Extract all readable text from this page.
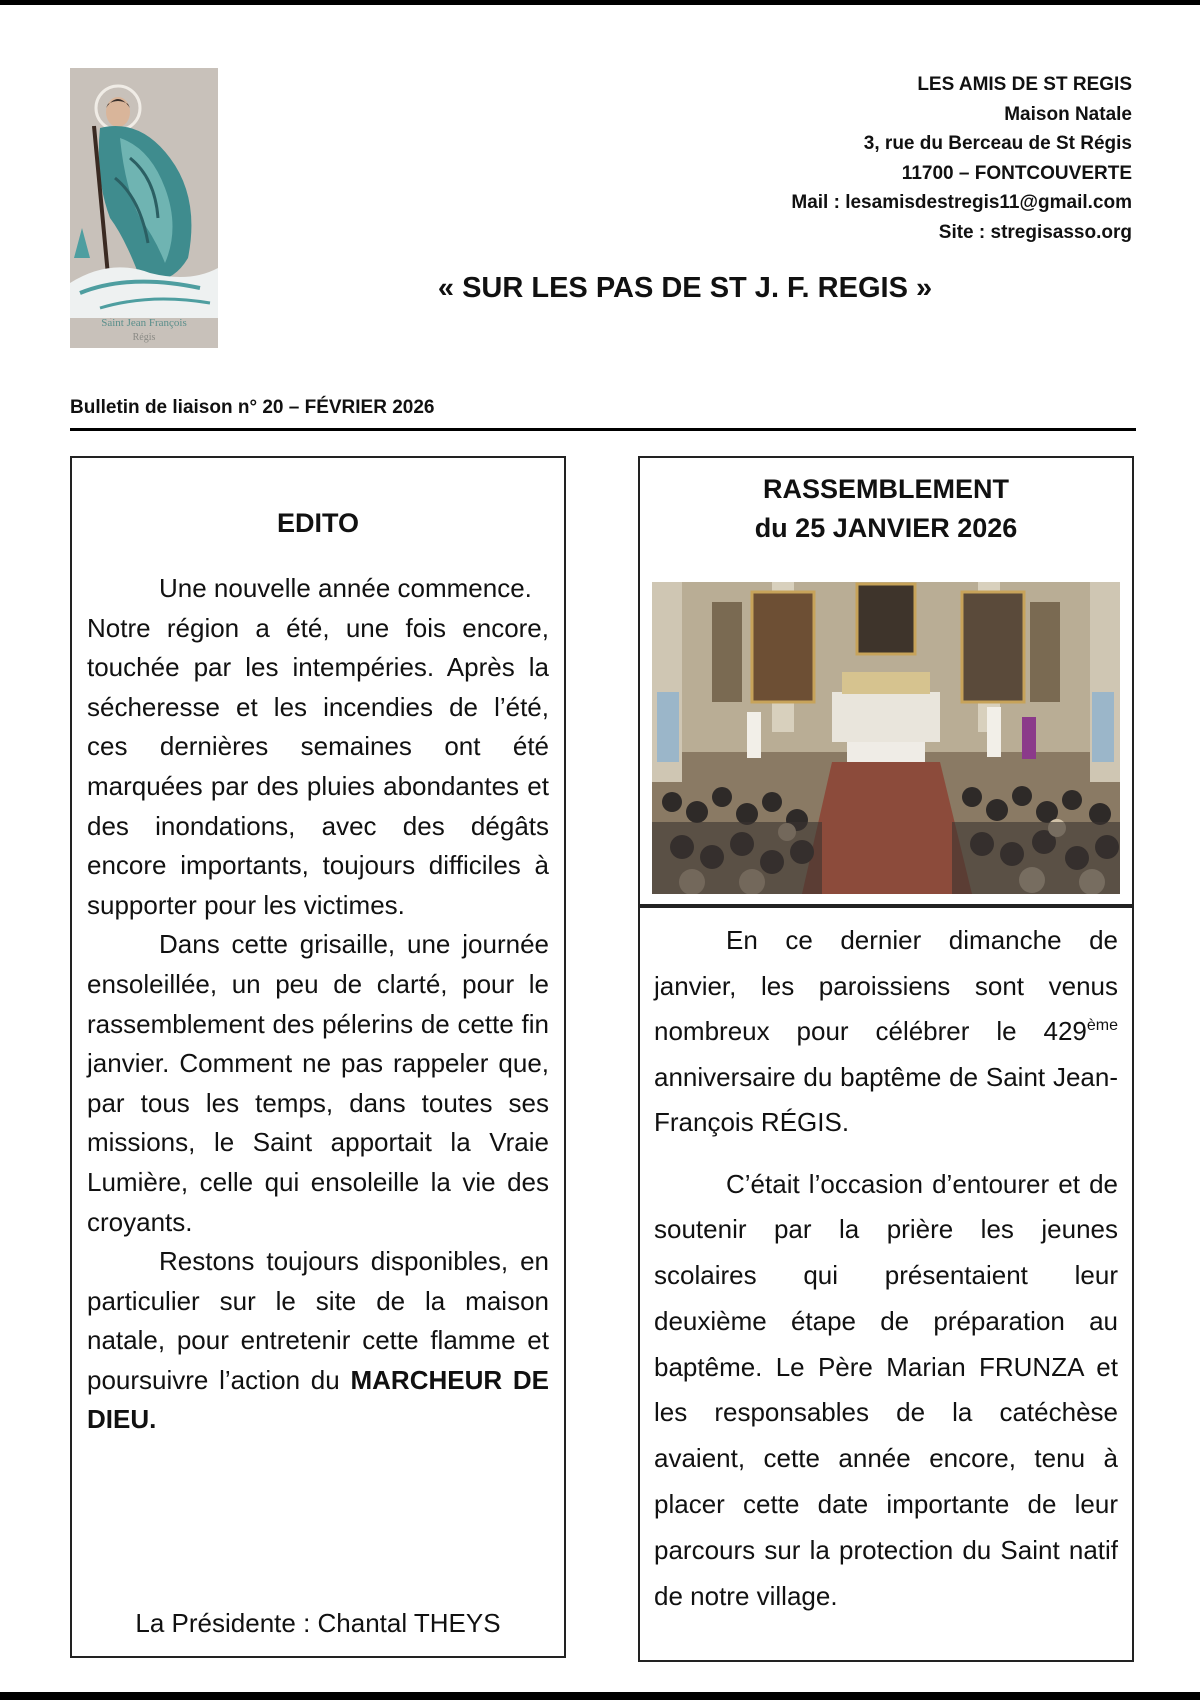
Saint Jean François
Régis
LES AMIS DE ST REGIS
Maison Natale
3, rue du Berceau de St Régis
11700 – FONTCOUVERTE
Mail : lesamisdestregis11@gmail.com
Site : stregisasso.org
« SUR LES PAS DE ST J. F. REGIS »
Bulletin de liaison n° 20 – FÉVRIER 2026
EDITO

Une nouvelle année commence.

Notre région a été, une fois encore, touchée par les intempéries. Après la sécheresse et les incendies de l’été, ces dernières semaines ont été marquées par des pluies abondantes et des inondations, avec des dégâts encore importants, toujours difficiles à supporter pour les victimes.

Dans cette grisaille, une journée ensoleillée, un peu de clarté, pour le rassemblement des pélerins de cette fin janvier. Comment ne pas rappeler que, par tous les temps, dans toutes ses missions, le Saint apportait la Vraie Lumière, celle qui ensoleille la vie des croyants.

Restons toujours disponibles, en particulier sur le site de la maison natale, pour entretenir cette flamme et poursuivre l’action du MARCHEUR DE DIEU.

La Présidente : Chantal THEYS
RASSEMBLEMENT
du 25 JANVIER 2026

En ce dernier dimanche de janvier, les paroissiens sont venus nombreux pour célébrer le 429ème anniversaire du baptême de Saint Jean-François RÉGIS.

C’était l’occasion d’entourer et de soutenir par la prière les jeunes scolaires qui présentaient leur deuxième étape de préparation au baptême. Le Père Marian FRUNZA et les responsables de la catéchèse avaient, cette année encore, tenu à placer cette date importante de leur parcours sur la protection du Saint natif de notre village.
